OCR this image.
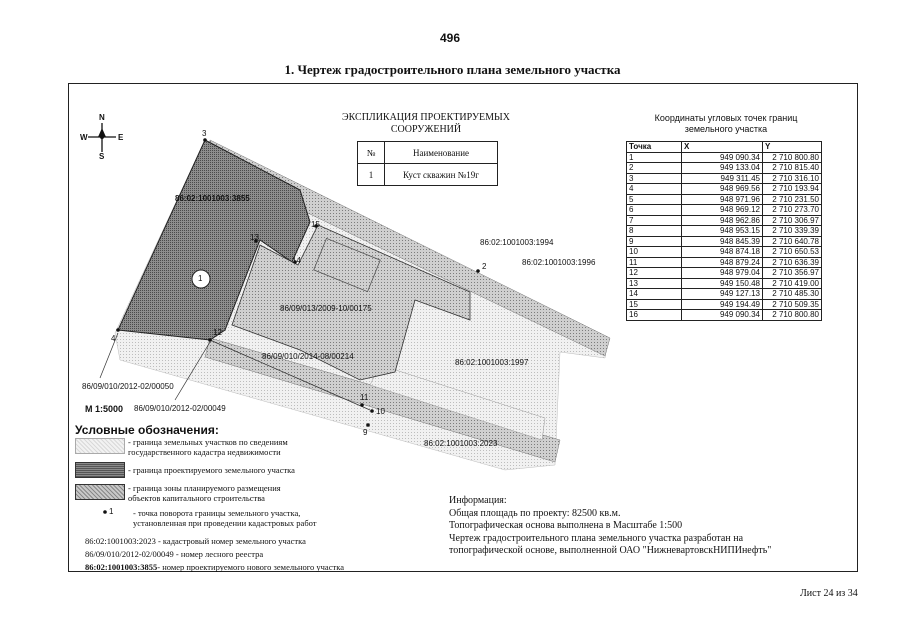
496
1. Чертеж градостроительного плана земельного участка
N
S
W	E
ЭКСПЛИКАЦИЯ ПРОЕКТИРУЕМЫХ
СООРУЖЕНИЙ
№	Наименование
1	Куст скважин №19г
Координаты угловых точек границ
земельного участка
Точка	X	Y
1	949 090.34	2 710 800.80
2	949 133.04	2 710 815.40
3	949 311.45	2 710 316.10
4	948 969.56	2 710 193.94
5	948 971.96	2 710 231.50
6	948 969.12	2 710 273.70
7	948 962.86	2 710 306.97
8	948 953.15	2 710 339.39
9	948 845.39	2 710 640.78
10	948 874.18	2 710 650.53
11	948 879.24	2 710 636.39
12	948 979.04	2 710 356.97
13	949 150.48	2 710 419.00
14	949 127.13	2 710 485.30
15	949 194.49	2 710 509.35
16	949 090.34	2 710 800.80
86:02:1001003:3855
86:02:1001003:1994
86:02:1001003:1996
86:02:1001003:1997
86:02:1001003:2023
86/09/013/2009-10/00175
86/09/010/2014-08/00214
86/09/010/2012-02/00050
86/09/010/2012-02/00049
1
3
4
2
9
10
11
12
13
14
15
М 1:5000
Условные обозначения:
- граница земельных участков по сведениям
государственного кадастра недвижимости
- граница проектируемого земельного участка
- граница зоны планируемого размещения
объектов капитального строительства
1 - точка поворота границы земельного участка,
установленная при проведении кадастровых работ
86:02:1001003:2023 - кадастровый номер земельного участка
86/09/010/2012-02/00049 - номер лесного реестра
86:02:1001003:3855- номер проектируемого нового земельного участка
Информация:
Общая площадь по проекту: 82500 кв.м.
Топографическая основа выполнена в Масштабе 1:500
Чертеж градостроительного плана земельного участка разработан на
топографической основе, выполненной ОАО "НижневартовскНИПИнефть"
Лист 24 из 34
